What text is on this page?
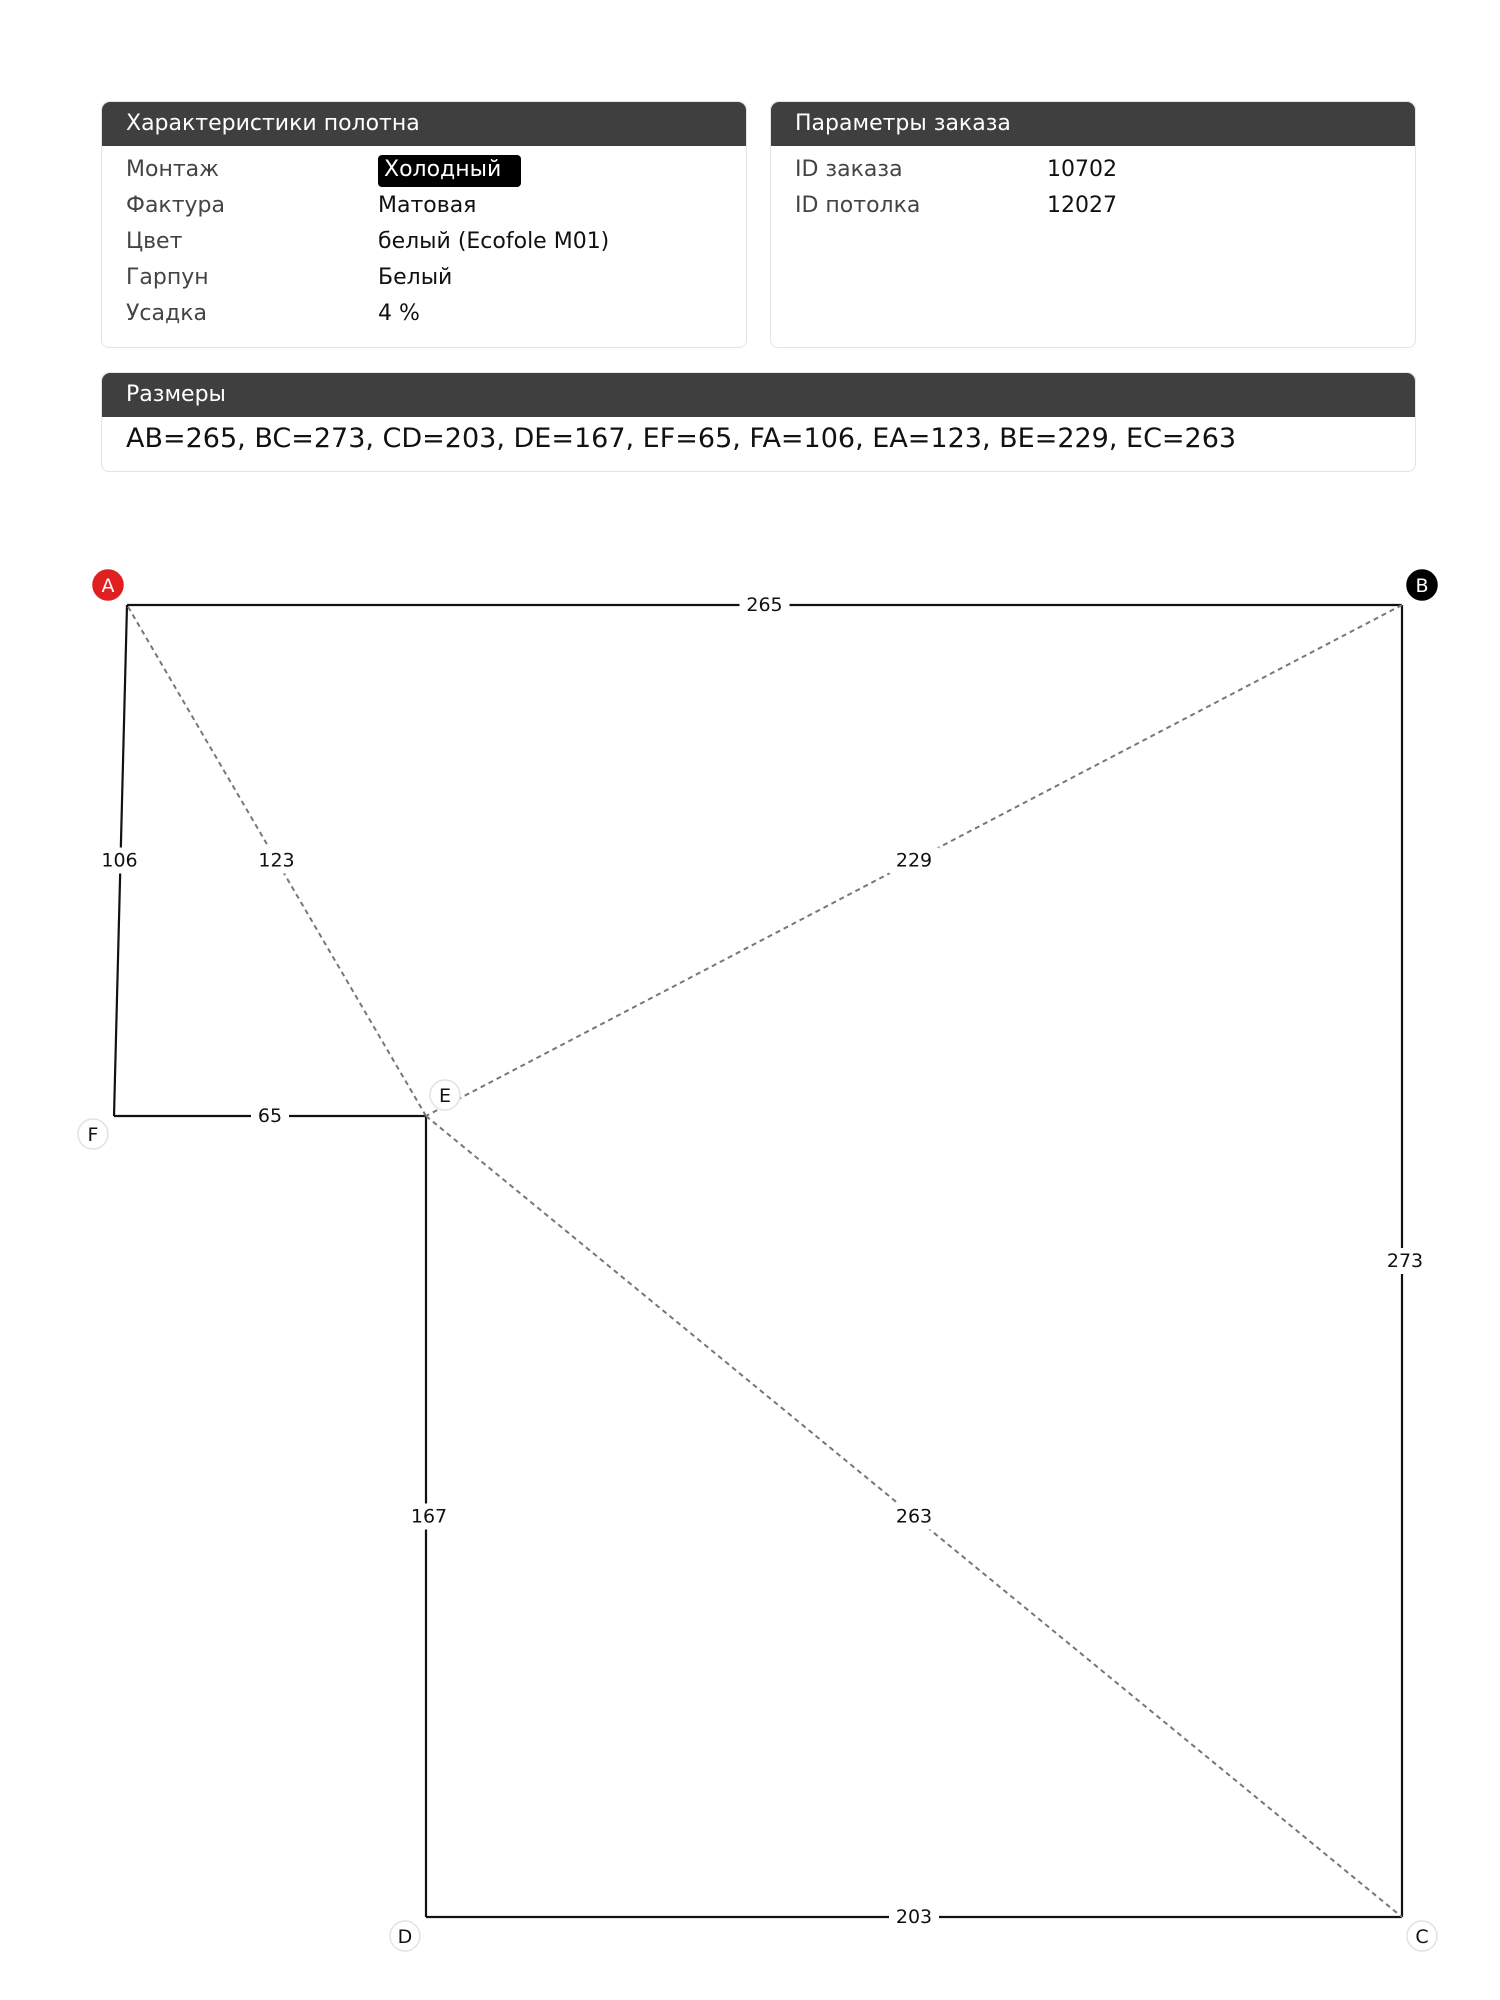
Характеристики полотна
Монтаж	Холодный
Фактура	Матовая
Цвет	белый (Ecofole M01)
Гарпун	Белый
Усадка	4 %
Параметры заказа
ID заказа	10702
ID потолка	12027
Размеры
AB=265, BC=273, CD=203, DE=167, EF=65, FA=106, EA=123, BE=229, EC=263
265
273
203
167
65
106	123	229
263
A	B
C
D
E
F
